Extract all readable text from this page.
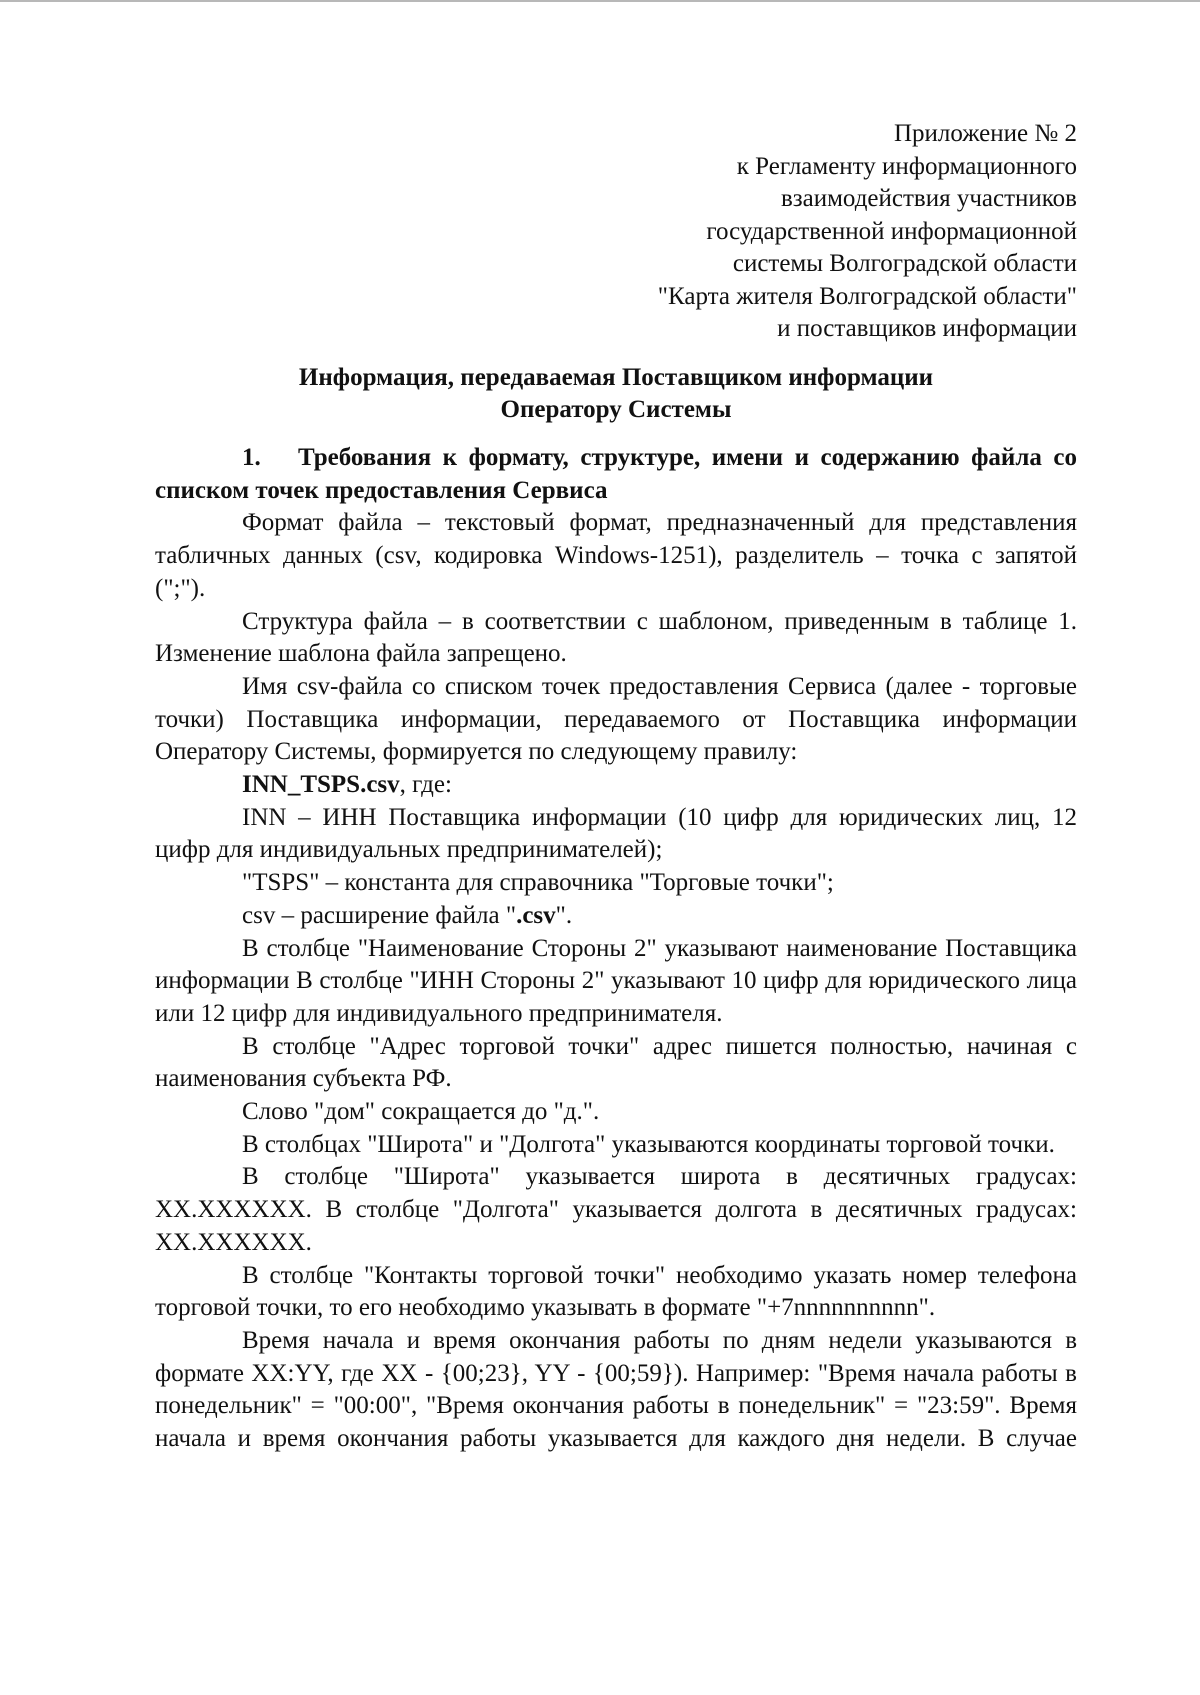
Приложение № 2
к Регламенту информационного
взаимодействия участников
государственной информационной
системы Волгоградской области
"Карта жителя Волгоградской области"
и поставщиков информации
Информация, передаваемая Поставщиком информации
Оператору Системы

1. Требования к формату, структуре, имени и содержанию файла со списком точек предоставления Сервиса

Формат файла – текстовый формат, предназначенный для представления табличных данных (csv, кодировка Windows-1251), разделитель – точка с запятой (";").

Структура файла – в соответствии с шаблоном, приведенным в таблице 1. Изменение шаблона файла запрещено.

Имя csv-файла со списком точек предоставления Сервиса (далее - торговые точки) Поставщика информации, передаваемого от Поставщика информации Оператору Системы, формируется по следующему правилу:

INN_TSPS.csv, где:

INN – ИНН Поставщика информации (10 цифр для юридических лиц, 12 цифр для индивидуальных предпринимателей);

"TSPS" – константа для справочника "Торговые точки";

csv – расширение файла ".csv".

В столбце "Наименование Стороны 2" указывают наименование Поставщика информации В столбце "ИНН Стороны 2" указывают 10 цифр для юридического лица или 12 цифр для индивидуального предпринимателя.

В столбце "Адрес торговой точки" адрес пишется полностью, начиная с наименования субъекта РФ.

Слово "дом" сокращается до "д.".

В столбцах "Широта" и "Долгота" указываются координаты торговой точки.

В столбце "Широта" указывается широта в десятичных градусах: XX.XXXXXX. В столбце "Долгота" указывается долгота в десятичных градусах: XX.XXXXXX.

В столбце "Контакты торговой точки" необходимо указать номер телефона торговой точки, то его необходимо указывать в формате "+7nnnnnnnnnn".

Время начала и время окончания работы по дням недели указываются в формате XX:YY, где XX - {00;23}, YY - {00;59}). Например: "Время начала работы в понедельник" = "00:00", "Время окончания работы в понедельник" = "23:59". Время начала и время окончания работы указывается для каждого дня недели. В случае
